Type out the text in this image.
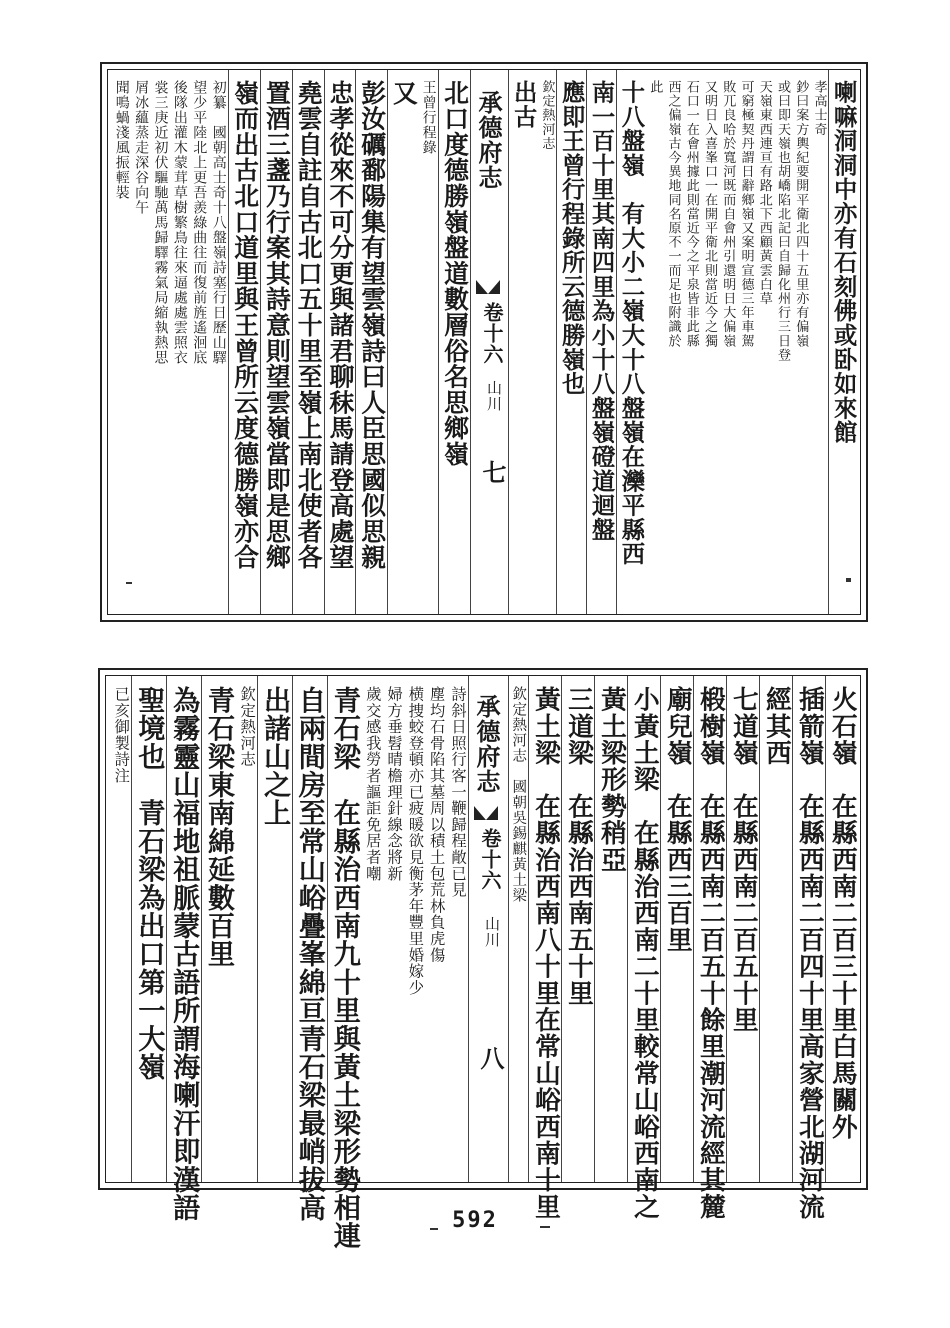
承德府志
卷十六
山川
七
喇嘛洞洞中亦有石刻佛或卧如來館
孝高士奇
鈔曰案方輿紀要開平衛北四十五里亦有偏嶺
或曰即天嶺也胡嶠陷北記曰自歸化州行三日登
天嶺東西連亘有路北下西顧黃雲白草
可窮極契丹謂日辭鄉嶺又案明宣德三年車駕
敗兀良哈於寬河既而自會州引還明日大偏嶺
又明日入喜峯口一在開平衛北則當近今之獨
石口一在會州據此則當近今之平泉皆非此縣
西之偏嶺古今異地同名原不一而足也附識於
此
十八盤嶺　有大小二嶺大十八盤嶺在灤平縣西
南一百十里其南四里為小十八盤嶺磴道迴盤
應即王曾行程錄所云德勝嶺也
欽定熱河志
出古
北口度德勝嶺盤道數層俗名思鄉嶺
王曾行程錄
又
彭汝礪鄱陽集有望雲嶺詩曰人臣思國似思親
忠孝從來不可分更與諸君聊秣馬請登高處望
堯雲自註自古北口五十里至嶺上南北使者各
置酒三盞乃行案其詩意則望雲嶺當即是思鄉
嶺而出古北口道里與王曾所云度德勝嶺亦合
初纂　國朝高士奇十八盤嶺詩塞行日歷山驛
望少平陸北上更吾羨綠曲往而復前旌遙洄底
後隊出灌木蒙茸草樹繁鳥往來逼處處雲照衣
裳三庚近初伏驅馳萬馬歸驛霧氣局縮執熱思
屑冰蘊蒸走深谷向午
聞鳴蝸淺風振輕裝
承德府志
卷十六
山川
八	火石嶺　在縣西南二百三十里白馬關外
插箭嶺　在縣西南二百四十里高家營北湖河流
經其西
七道嶺　在縣西南二百五十里
椴樹嶺　在縣西南二百五十餘里潮河流經其麓
廟兒嶺　在縣西三百里
小黃土梁　在縣治西南二十里較常山峪西南之
黃土梁形勢稍亞
三道梁　在縣治西南五十里
黃土梁　在縣治西南八十里在常山峪西南十里
欽定熱河志　國朝吳錫麒黃土梁
詩斜日照行客一鞭歸程敞已見
塵均石骨陷其墓周以積土包荒林負虎傷
横捜蛟登頓亦已疲暖欲見衡茅年豐里婚嫁少
婦方垂髫晴檐理針線念將新
歲交感我勞者謳詎免居者嘲
青石梁　在縣治西南九十里與黃土梁形勢相連
自兩間房至常山峪疊峯綿亘青石梁最峭拔高
出諸山之上
欽定熱河志
青石梁東南綿延數百里
為霧靈山福地祖脈蒙古語所謂海喇汗即漢語
聖境也　青石梁為出口第一大嶺
已亥御製詩注
592
